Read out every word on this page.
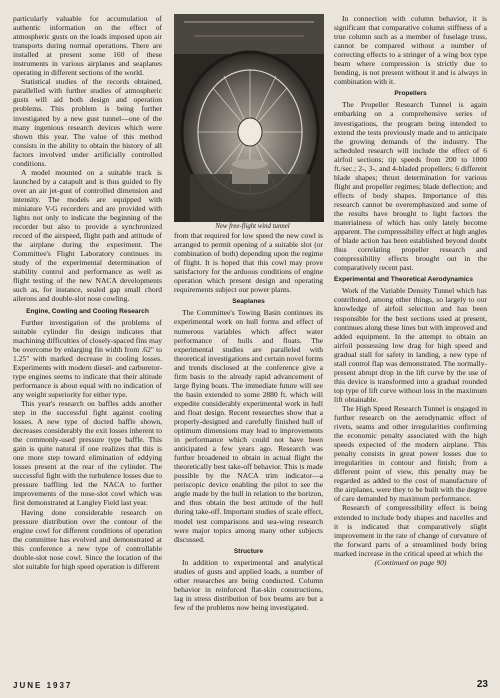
particularly valuable for accumulation of authentic information on the effect of atmospheric gusts on the loads imposed upon air transports during normal operations. There are installed at present some 160 of these instruments in various airplanes and seaplanes operating in different sections of the world.

Statistical studies of the records obtained, parallelled with further studies of atmospheric gusts will aid both design and operation problems. This problem is being further investigated by a new gust tunnel—one of the many ingenious research devices which were shown this year. The value of this method consists in the ability to obtain the history of all factors involved under artificially controlled conditions.

A model mounted on a suitable track is launched by a catapult and is thus guided to fly over an air jet-gust of controlled dimension and intensity. The models are equipped with miniature V-G recorders and are provided with lights not only to indicate the beginning of the recorder but also to provide a synchronized record of the airspeed, flight path and attitude of the airplane during the experiment. The Committee's Flight Laboratory continues its study of the experimental determination of stability control and performance as well as flight testing of the new NACA developments such as, for instance, sealed gap small chord ailerons and double-slot nose cowling.

Engine, Cowling and Cooling Research

Further investigation of the problems of suitable cylinder fin design indicates that machining difficulties of closely-spaced fins may be overcome by enlarging fin width from .62" to 1.25" with marked decrease in cooling losses. Experiments with modern diesel- and carburetor-type engines seems to indicate that their altitude performance is about equal with no indication of any weight superiority for either type.

This year's research on baffles adds another step in the successful fight against cooling losses. A new type of ducted baffle shown, decreases considerably the exit losses inherent to the commonly-used pressure type baffle. This gain is quite natural if one realizes that this is one more step toward elimination of eddying losses present at the rear of the cylinder. The successful fight with the turbulence losses due to pressure baffling led the NACA to further improvements of the nose-slot cowl which was first demonstrated at Langley Field last year.

Having done considerable research on pressure distribution over the contour of the engine cowl for different conditions of operation the committee has evolved and demonstrated at this conference a new type of controllable double-slot nose cowl. Since the location of the slot suitable for high speed operation is different

New free-flight wind tunnel

from that required for low speed the new cowl is arranged to permit opening of a suitable slot (or combination of both) depending upon the regime of flight. It is hoped that this cowl may prove satisfactory for the arduous conditions of engine operation which present design and operating requirements subject our power plants.

Seaplanes

The Committee's Towing Basin continues its experimental work on hull forms and effect of numerous variables which affect water performance of hulls and floats. The experimental studies are paralleled with theoretical investigations and certain novel forms and trends disclosed at the conference give a firm basis to the already rapid advancement of large flying boats. The immediate future will see the basin extended to some 2880 ft. which will expedite considerably experimental work in hull and float design. Recent researches show that a properly-designed and carefully finished hull of optimum dimensions may lead to improvements in performance which could not have been anticipated a few years ago. Research was further broadened to obtain in actual flight the theoretically best take-off behavior. This is made possible by the NACA trim indicator—a periscopic device enabling the pilot to see the angle made by the hull in relation to the horizon, and thus obtain the best attitude of the hull during take-off. Important studies of scale effect, model test comparisons and sea-wing research were major topics among many other subjects discussed.

Structure

In addition to experimental and analytical studies of gusts and applied loads, a number of other researches are being conducted. Column behavior in reinforced flat-skin constructions, lag in stress distribution of box beams are but a few of the problems now being investigated.

In connection with column behavior, it is significant that comparative column stiffness of a true column such as a member of fuselage truss, cannot be compared without a number of correcting effects to a stringer of a wing box type beam where compression is strictly due to bending, is not present without it and is always in combination with it.

Propellers

The Propeller Research Tunnel is again embarking on a comprehensive series of investigations, the program being intended to extend the tests previously made and to anticipate the growing demands of the industry. The scheduled research will include the effect of 6 airfoil sections; tip speeds from 200 to 1000 ft./sec.; 2-, 3-, and 4-bladed propellers; 6 different blade shapes; thrust determination for various flight and propeller regimes; blade deflection; and effects of body shapes. Importance of this research cannot be overemphasized and some of the results have brought to light factors the materialness of which has only lately become apparent. The compressibility effect at high angles of blade action has been established beyond doubt thus correlating propeller research and compressibility effects brought out in the comparatively recent past.

Experimental and Theoretical Aerodynamics

Work of the Variable Density Tunnel which has contributed, among other things, so largely to our knowledge of airfoil selection and has been responsible for the best sections used at present, continues along these lines but with improved and added equipment. In the attempt to obtain an airfoil possessing low drag for high speed and gradual stall for safety in landing, a new type of stall control flap was demonstrated. The normally-present abrupt drop in the lift curve by the use of this device is transformed into a gradual rounded top type of lift curve without loss in the maximum lift obtainable.

The High Speed Research Tunnel is engaged in further research on the aerodynamic effect of rivets, seams and other irregularities confirming the economic penalty associated with the high speeds expected of the modern airplane. This penalty consists in great power losses due to irregularities in contour and finish; from a different point of view, this penalty may be regarded as added to the cost of manufacture of the airplanes, were they to be built with the degree of care demanded by maximum performance.

Research of compressibility effect is being extended to include body shapes and nacelles and it is indicated that comparatively slight improvement in the rate of change of curvature of the forward parts of a streamlined body bring marked increase in the critical speed at which the

(Continued on page 90)
JUNE 1937	23
